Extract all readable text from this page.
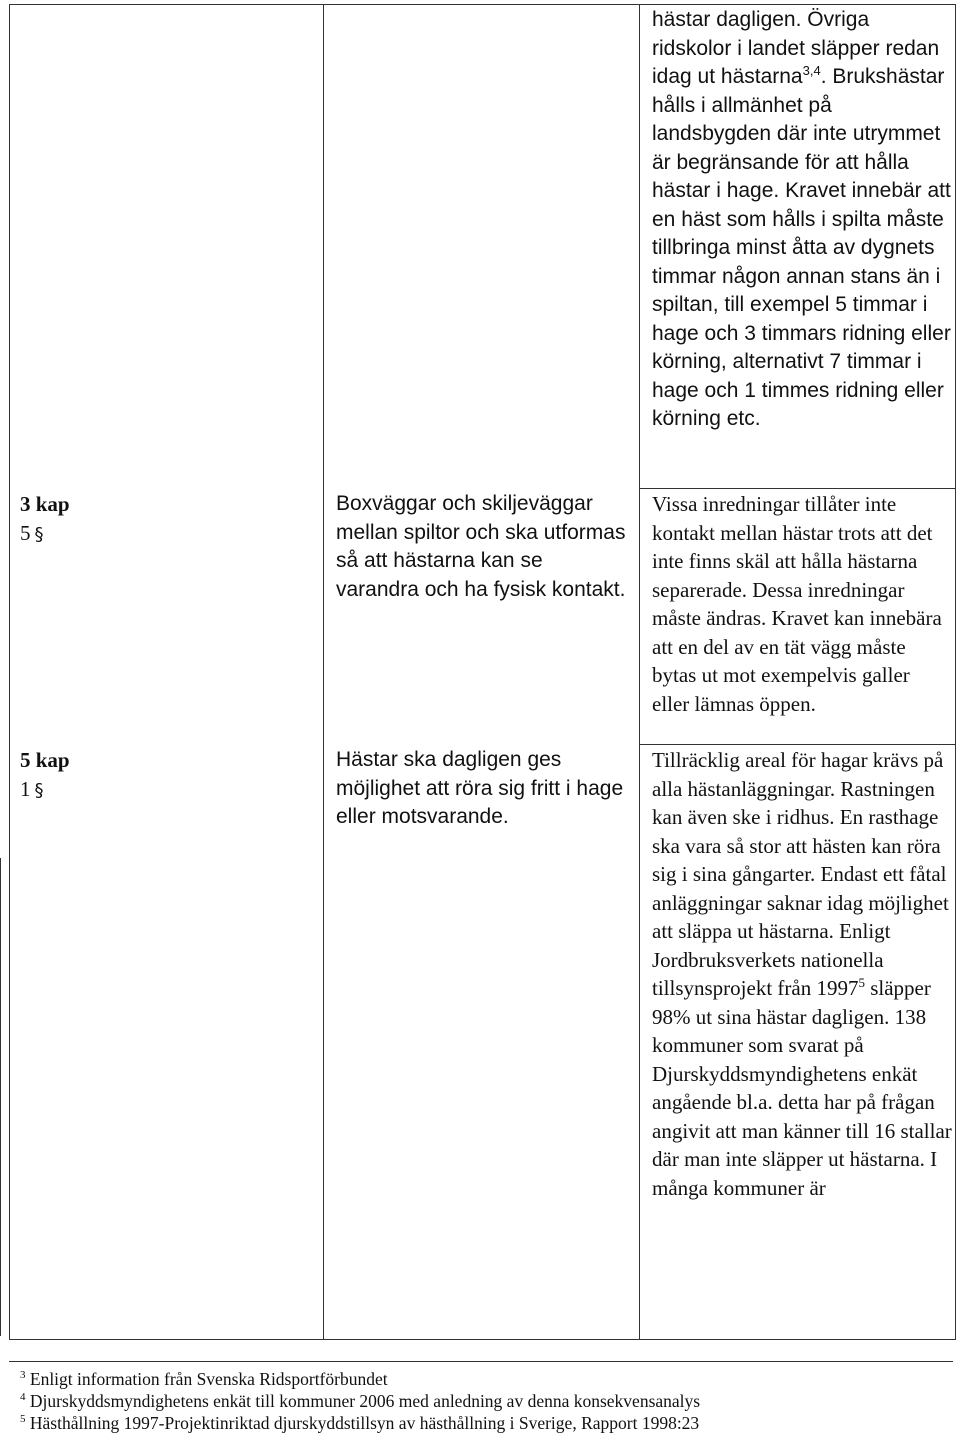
hästar dagligen. Övriga ridskolor i landet släpper redan idag ut hästarna$^{3,4}$. Brukshästar hålls i allmänhet på landsbygden där inte utrymmet är begränsande för att hålla hästar i hage. Kravet innebär att en häst som hålls i spilta måste tillbringa minst åtta av dygnets timmar någon annan stans än i spiltan, till exempel 5 timmar i hage och 3 timmars ridning eller körning, alternativt 7 timmar i hage och 1 timmes ridning eller körning etc.

3 kap
5 §
Boxväggar och skiljeväggar mellan spiltor och ska utformas så att hästarna kan se varandra och ha fysisk kontakt.
Vissa inredningar tillåter inte kontakt mellan hästar trots att det inte finns skäl att hålla hästarna separerade. Dessa inredningar måste ändras. Kravet kan innebära att en del av en tät vägg måste bytas ut mot exempelvis galler eller lämnas öppen.
5 kap
1 §
Hästar ska dagligen ges möjlighet att röra sig fritt i hage eller motsvarande.
Tillräcklig areal för hagar krävs på alla hästanläggningar. Rastningen kan även ske i ridhus. En rasthage ska vara så stor att hästen kan röra sig i sina gångarter. Endast ett fåtal anläggningar saknar idag möjlighet att släppa ut hästarna. Enligt Jordbruksverkets nationella tillsynsprojekt från 1997$^5$ släpper 98% ut sina hästar dagligen. 138 kommuner som svarat på Djurskyddsmyndighetens enkät angående bl.a. detta har på frågan angivit att man känner till 16 stallar där man inte släpper ut hästarna. I många kommuner är
$^3$ Enligt information från Svenska Ridsportförbundet
$^4$ Djurskyddsmyndighetens enkät till kommuner 2006 med anledning av denna konsekvensanalys
$^5$ Hästhållning 1997-Projektinriktad djurskyddstillsyn av hästhållning i Sverige, Rapport 1998:23
